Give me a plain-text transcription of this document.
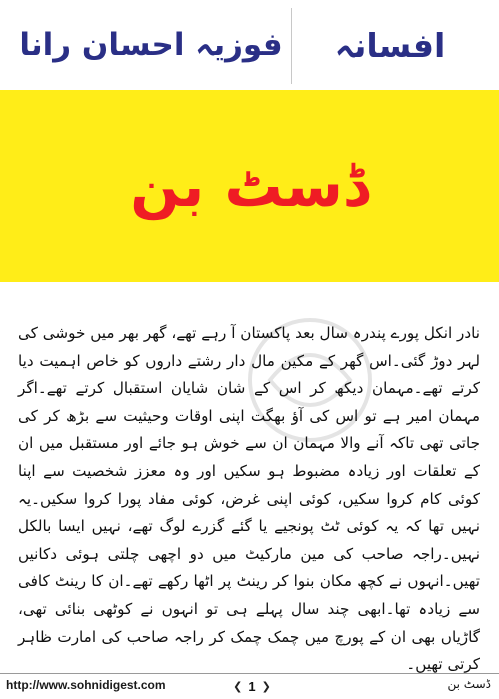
فوزیہ احسان رانا	افسانہ
ڈسٹ بن
نادر انکل پورے پندرہ سال بعد پاکستان آ رہے تھے، گھر بھر میں خوشی کی لہر دوڑ گئی۔اس گھر کے مکین مال دار رشتے داروں کو خاص اہمیت دیا کرتے تھے۔مہمان دیکھ کر اس کے شان شایان استقبال کرتے تھے۔اگر مہمان امیر ہے تو اس کی آؤ بھگت اپنی اوقات وحیثیت سے بڑھ کر کی جاتی تھی تاکہ آنے والا مہمان ان سے خوش ہو جائے اور مستقبل میں ان کے تعلقات اور زیادہ مضبوط ہو سکیں اور وہ معزز شخصیت سے اپنا کوئی کام کروا سکیں، کوئی اپنی غرض، کوئی مفاد پورا کروا سکیں۔یہ نہیں تھا کہ یہ کوئی ٹٹ پونجیے یا گئے گزرے لوگ تھے، نہیں ایسا بالکل نہیں۔راجہ صاحب کی مین مارکیٹ میں دو اچھی چلتی ہوئی دکانیں تھیں۔انہوں نے کچھ مکان بنوا کر رینٹ پر اٹھا رکھے تھے۔ان کا رینٹ کافی سے زیادہ تھا۔ابھی چند سال پہلے ہی تو انہوں نے کوٹھی بنائی تھی، گاڑیاں بھی ان کے پورچ میں چمک چمک کر راجہ صاحب کی امارت ظاہر کرتی تھیں۔
http://www.sohnidigest.com	❮ 1 ❯	ڈسٹ بن
